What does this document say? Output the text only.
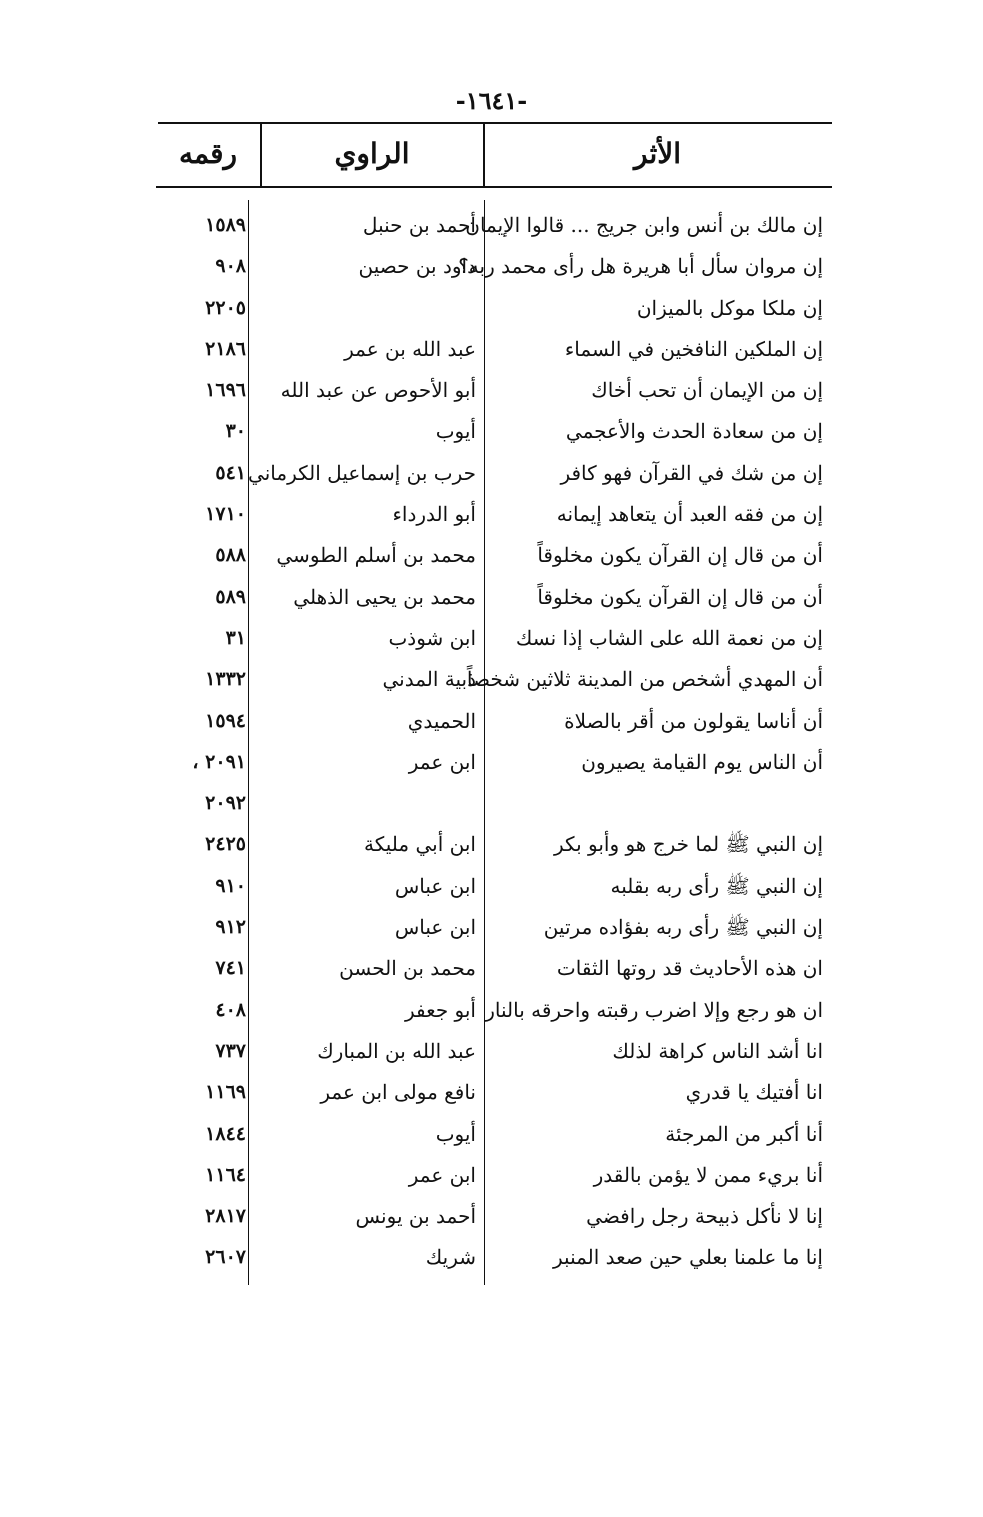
-١٦٤١-
الأثر
الراوي
رقمه
إن مالك بن أنس وابن جريج ... قالوا الإيمان
أحمد بن حنبل
١٥٨٩
إن مروان سأل أبا هريرة هل رأى محمد ربه؟
داود بن حصين
٩٠٨
إن ملكا موكل بالميزان
٢٢٠٥
إن الملكين النافخين في السماء
عبد الله بن عمر
٢١٨٦
إن من الإيمان أن تحب أخاك
أبو الأحوص عن عبد الله
١٦٩٦
إن من سعادة الحدث والأعجمي
أيوب
٣٠
إن من شك في القرآن فهو كافر
حرب بن إسماعيل الكرماني
٥٤١
إن من فقه العبد أن يتعاهد إيمانه
أبو الدرداء
١٧١٠
أن من قال إن القرآن يكون مخلوقاً
محمد بن أسلم الطوسي
٥٨٨
أن من قال إن القرآن يكون مخلوقاً
محمد بن يحيى الذهلي
٥٨٩
إن من نعمة الله على الشاب إذا نسك
ابن شوذب
٣١
أن المهدي أشخص من المدينة ثلاثين شخصاً
ذبية المدني
١٣٣٢
أن أناسا يقولون من أقر بالصلاة
الحميدي
١٥٩٤
أن الناس يوم القيامة يصيرون
ابن عمر
٢٠٩١ ،
٢٠٩٢
إن النبي ﷺ لما خرج هو وأبو بكر
ابن أبي مليكة
٢٤٢٥
إن النبي ﷺ رأى ربه بقلبه
ابن عباس
٩١٠
إن النبي ﷺ رأى ربه بفؤاده مرتين
ابن عباس
٩١٢
ان هذه الأحاديث قد روتها الثقات
محمد بن الحسن
٧٤١
ان هو رجع وإلا اضرب رقبته واحرقه بالنار
أبو جعفر
٤٠٨
انا أشد الناس كراهة لذلك
عبد الله بن المبارك
٧٣٧
انا أفتيك يا قدري
نافع مولى ابن عمر
١١٦٩
أنا أكبر من المرجئة
أيوب
١٨٤٤
أنا بريء ممن لا يؤمن بالقدر
ابن عمر
١١٦٤
إنا لا نأكل ذبيحة رجل رافضي
أحمد بن يونس
٢٨١٧
إنا ما علمنا بعلي حين صعد المنبر
شريك
٢٦٠٧
